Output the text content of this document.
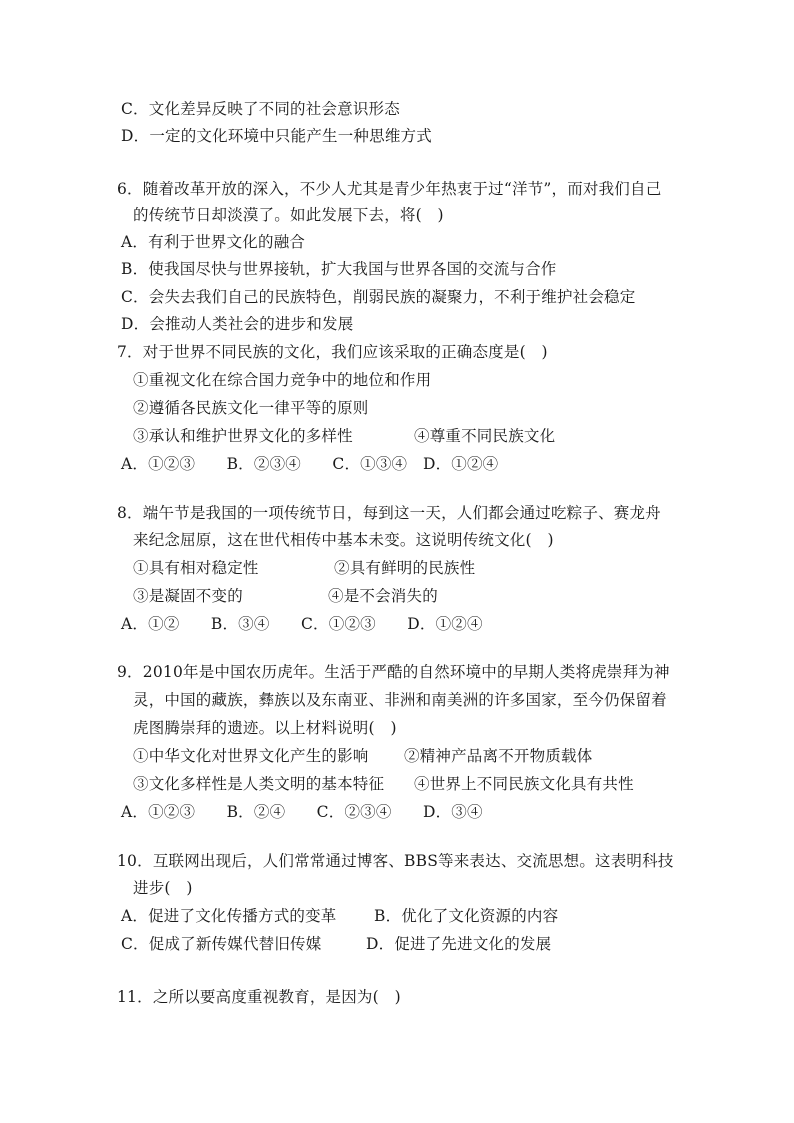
C．文化差异反映了不同的社会意识形态
D．一定的文化环境中只能产生一种思维方式
6．随着改革开放的深入，不少人尤其是青少年热衷于过“洋节”，而对我们自己
的传统节日却淡漠了。如此发展下去，将(　)
A．有利于世界文化的融合
B．使我国尽快与世界接轨，扩大我国与世界各国的交流与合作
C．会失去我们自己的民族特色，削弱民族的凝聚力，不利于维护社会稳定
D．会推动人类社会的进步和发展
7．对于世界不同民族的文化，我们应该采取的正确态度是(　)
①重视文化在综合国力竞争中的地位和作用
②遵循各民族文化一律平等的原则
③承认和维护世界文化的多样性	④尊重不同民族文化
A．①②③　　B．②③④　　C．①③④　D．①②④
8．端午节是我国的一项传统节日，每到这一天，人们都会通过吃粽子、赛龙舟
来纪念屈原，这在世代相传中基本未变。这说明传统文化(　)
①具有相对稳定性	②具有鲜明的民族性
③是凝固不变的	④是不会消失的
A．①②　　B．③④　　C．①②③　　D．①②④
9．2010年是中国农历虎年。生活于严酷的自然环境中的早期人类将虎崇拜为神
灵，中国的藏族，彝族以及东南亚、非洲和南美洲的许多国家，至今仍保留着
虎图腾崇拜的遗迹。以上材料说明(　)
①中华文化对世界文化产生的影响 ②精神产品离不开物质载体
③文化多样性是人类文明的基本特征 ④世界上不同民族文化具有共性
A．①②③　　B．②④　　C．②③④　　D．③④
10．互联网出现后，人们常常通过博客、BBS等来表达、交流思想。这表明科技
进步(　)
A．促进了文化传播方式的变革 B．优化了文化资源的内容
C．促成了新传媒代替旧传媒	D．促进了先进文化的发展
11．之所以要高度重视教育，是因为(　)
